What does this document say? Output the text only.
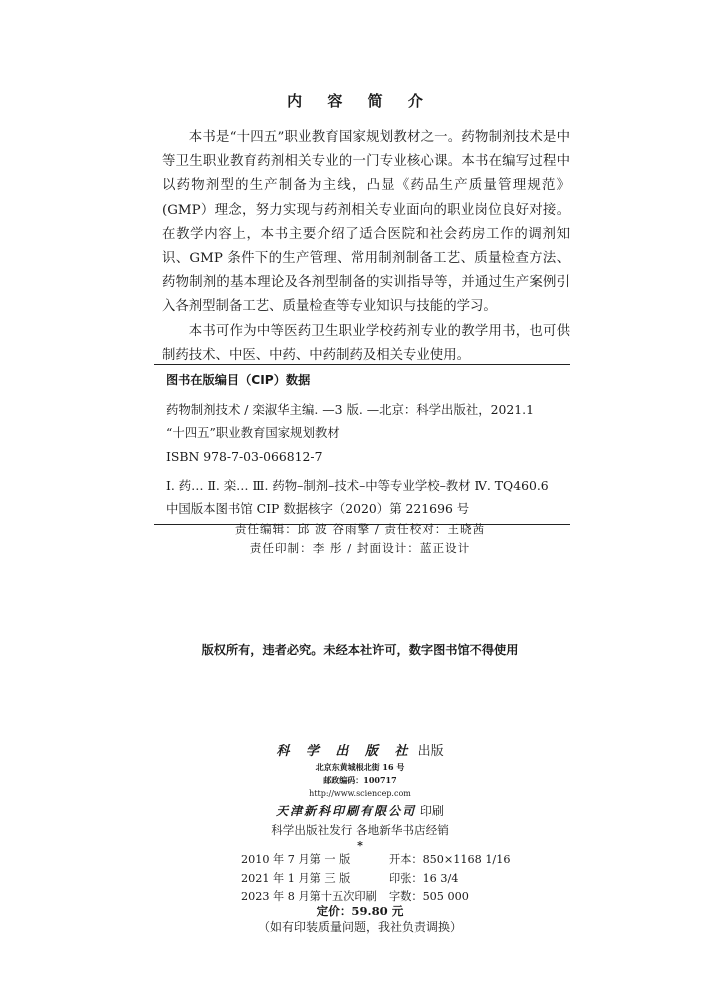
内 容 简 介

本书是“十四五”职业教育国家规划教材之一。药物制剂技术是中等卫生职业教育药剂相关专业的一门专业核心课。本书在编写过程中以药物剂型的生产制备为主线，凸显《药品生产质量管理规范》(GMP）理念，努力实现与药剂相关专业面向的职业岗位良好对接。在教学内容上，本书主要介绍了适合医院和社会药房工作的调剂知识、GMP 条件下的生产管理、常用制剂制备工艺、质量检查方法、药物制剂的基本理论及各剂型制备的实训指导等，并通过生产案例引入各剂型制备工艺、质量检查等专业知识与技能的学习。

本书可作为中等医药卫生职业学校药剂专业的教学用书，也可供制药技术、中医、中药、中药制药及相关专业使用。

图书在版编目（CIP）数据
药物制剂技术 / 栾淑华主编. —3 版. —北京：科学出版社，2021.1
“十四五”职业教育国家规划教材
ISBN 978-7-03-066812-7
Ⅰ. 药… Ⅱ. 栾… Ⅲ. 药物–制剂–技术–中等专业学校–教材 Ⅳ. TQ460.6
中国版本图书馆 CIP 数据核字（2020）第 221696 号
责任编辑：邱 波 谷雨擎 / 责任校对：王晓茜
责任印制：李 彤 / 封面设计：蓝正设计
版权所有，违者必究。未经本社许可，数字图书馆不得使用
科 学 出 版 社 出版
北京东黄城根北街 16 号
邮政编码：100717
http://www.sciencep.com
天津新科印刷有限公司 印刷
科学出版社发行 各地新华书店经销
*
2010 年 7 月第 一 版	开本：850×1168 1/16
2021 年 1 月第 三 版	印张：16 3/4
2023 年 8 月第十五次印刷 字数：505 000
定价：59.80 元
（如有印装质量问题，我社负责调换）
